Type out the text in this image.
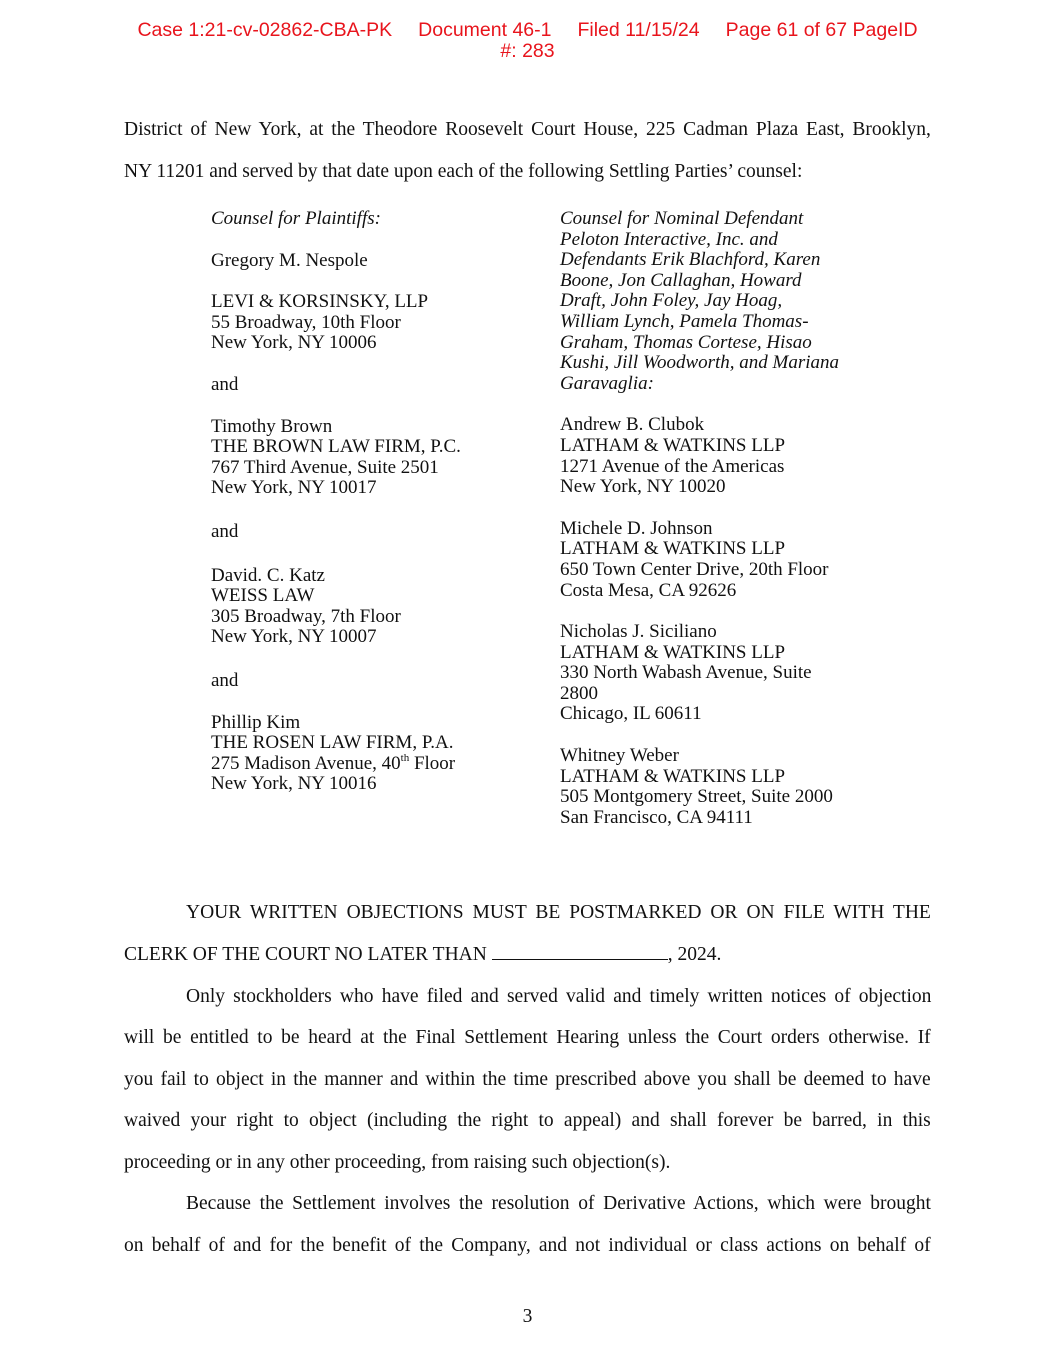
Case 1:21-cv-02862-CBA-PK Document 46-1 Filed 11/15/24 Page 61 of 67 PageID
#: 283
District of New York, at the Theodore Roosevelt Court House, 225 Cadman Plaza East, Brooklyn,
NY 11201 and served by that date upon each of the following Settling Parties’ counsel:
Counsel for Plaintiffs:
Gregory M. Nespole
LEVI & KORSINSKY, LLP
55 Broadway, 10th Floor
New York, NY 10006
and
Timothy Brown
THE BROWN LAW FIRM, P.C.
767 Third Avenue, Suite 2501
New York, NY 10017
and
David. C. Katz
WEISS LAW
305 Broadway, 7th Floor
New York, NY 10007
and
Phillip Kim
THE ROSEN LAW FIRM, P.A.
275 Madison Avenue, 40th Floor
New York, NY 10016
Counsel for Nominal Defendant
Peloton Interactive, Inc. and
Defendants Erik Blachford, Karen
Boone, Jon Callaghan, Howard
Draft, John Foley, Jay Hoag,
William Lynch, Pamela Thomas-
Graham, Thomas Cortese, Hisao
Kushi, Jill Woodworth, and Mariana
Garavaglia:
Andrew B. Clubok
LATHAM & WATKINS LLP
1271 Avenue of the Americas
New York, NY 10020
Michele D. Johnson
LATHAM & WATKINS LLP
650 Town Center Drive, 20th Floor
Costa Mesa, CA 92626
Nicholas J. Siciliano
LATHAM & WATKINS LLP
330 North Wabash Avenue, Suite
2800
Chicago, IL 60611
Whitney Weber
LATHAM & WATKINS LLP
505 Montgomery Street, Suite 2000
San Francisco, CA 94111
YOUR WRITTEN OBJECTIONS MUST BE POSTMARKED OR ON FILE WITH THE
CLERK OF THE COURT NO LATER THAN	, 2024.
Only stockholders who have filed and served valid and timely written notices of objection
will be entitled to be heard at the Final Settlement Hearing unless the Court orders otherwise. If
you fail to object in the manner and within the time prescribed above you shall be deemed to have
waived your right to object (including the right to appeal) and shall forever be barred, in this
proceeding or in any other proceeding, from raising such objection(s).
Because the Settlement involves the resolution of Derivative Actions, which were brought
on behalf of and for the benefit of the Company, and not individual or class actions on behalf of
3
